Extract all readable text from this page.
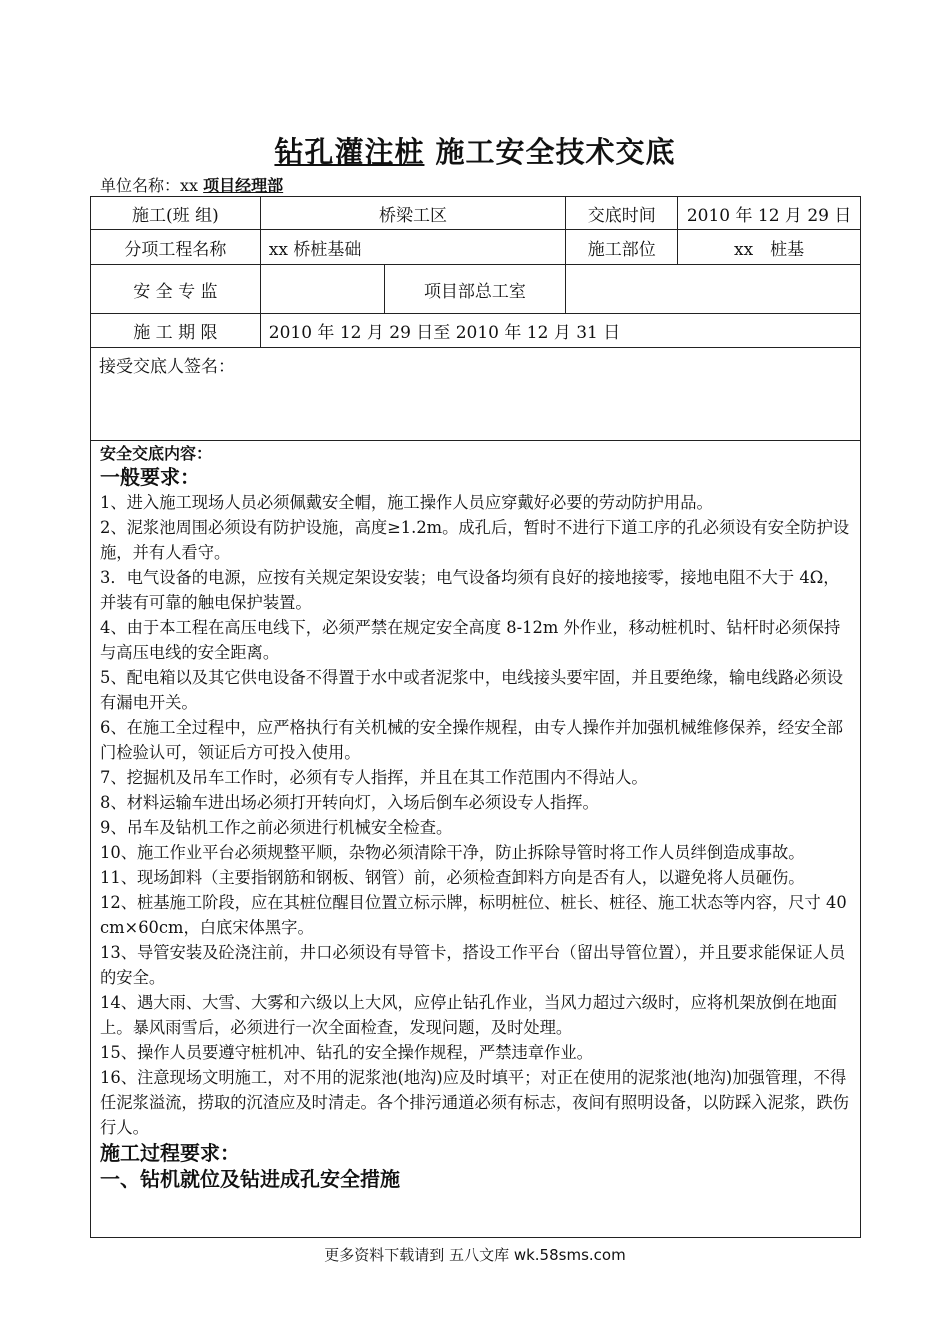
钻孔灌注桩 施工安全技术交底
单位名称：xx 项目经理部
施工(班 组)	桥梁工区		交底时间	2010 年 12 月 29 日
分项工程名称	xx 桥桩基础		施工部位	xx　桩基
安 全 专 监		项目部总工室		
施 工 期 限	2010 年 12 月 29 日至 2010 年 12 月 31 日			
接受交底人签名：				

安全交底内容：

一般要求：

1、进入施工现场人员必须佩戴安全帽，施工操作人员应穿戴好必要的劳动防护用品。

2、泥浆池周围必须设有防护设施，高度≥1.2m。成孔后，暂时不进行下道工序的孔必须设有安全防护设施，并有人看守。

3．电气设备的电源，应按有关规定架设安装；电气设备均须有良好的接地接零，接地电阻不大于 4Ω，并装有可靠的触电保护装置。

4、由于本工程在高压电线下，必须严禁在规定安全高度 8-12m 外作业，移动桩机时、钻杆时必须保持与高压电线的安全距离。

5、配电箱以及其它供电设备不得置于水中或者泥浆中，电线接头要牢固，并且要绝缘，输电线路必须设有漏电开关。

6、在施工全过程中，应严格执行有关机械的安全操作规程，由专人操作并加强机械维修保养，经安全部门检验认可，领证后方可投入使用。

7、挖掘机及吊车工作时，必须有专人指挥，并且在其工作范围内不得站人。

8、材料运输车进出场必须打开转向灯，入场后倒车必须设专人指挥。

9、吊车及钻机工作之前必须进行机械安全检查。

10、施工作业平台必须规整平顺，杂物必须清除干净，防止拆除导管时将工作人员绊倒造成事故。

11、现场卸料（主要指钢筋和钢板、钢管）前，必须检查卸料方向是否有人，以避免将人员砸伤。

12、桩基施工阶段，应在其桩位醒目位置立标示牌，标明桩位、桩长、桩径、施工状态等内容，尺寸 40 cm×60cm，白底宋体黑字。

13、导管安装及砼浇注前，井口必须设有导管卡，搭设工作平台（留出导管位置），并且要求能保证人员的安全。

14、遇大雨、大雪、大雾和六级以上大风，应停止钻孔作业，当风力超过六级时，应将机架放倒在地面上。暴风雨雪后，必须进行一次全面检查，发现问题，及时处理。

15、操作人员要遵守桩机冲、钻孔的安全操作规程，严禁违章作业。

16、注意现场文明施工，对不用的泥浆池(地沟)应及时填平；对正在使用的泥浆池(地沟)加强管理，不得任泥浆溢流，捞取的沉渣应及时清走。各个排污通道必须有标志，夜间有照明设备，以防踩入泥浆，跌伤行人。

施工过程要求：

一、钻机就位及钻进成孔安全措施

更多资料下载请到 五八文库 wk.58sms.com
